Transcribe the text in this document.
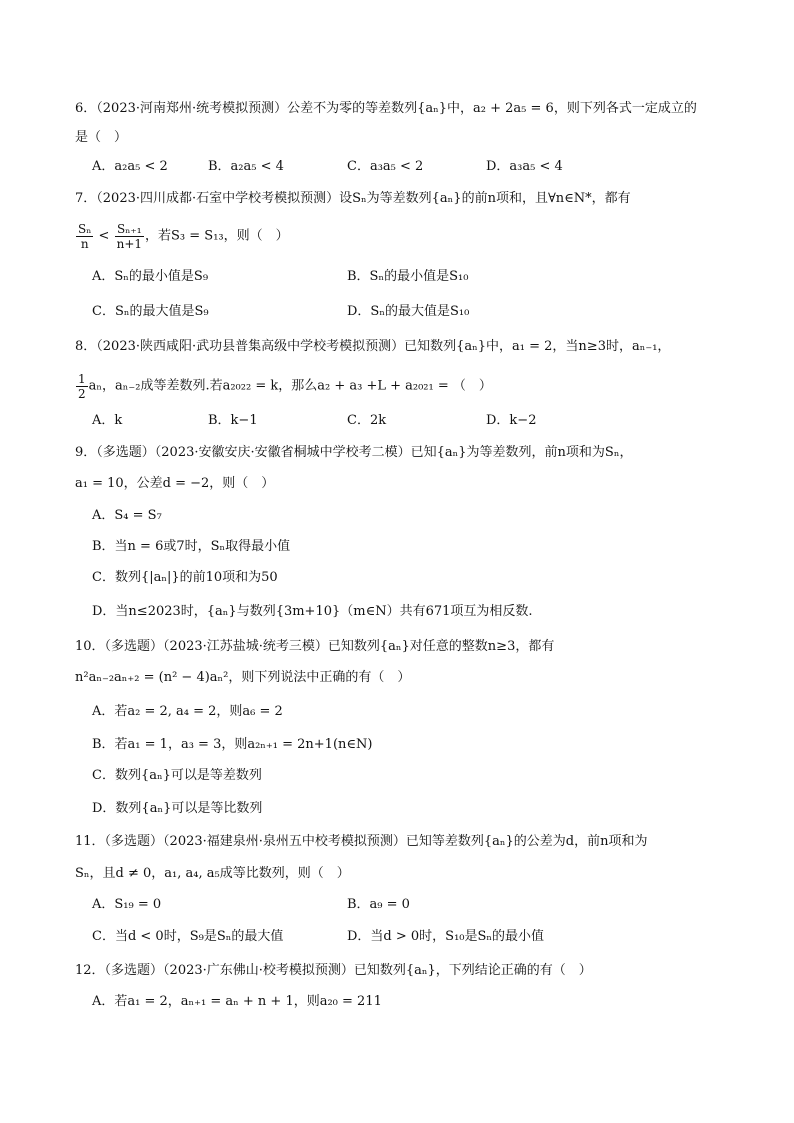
6．（2023·河南郑州·统考模拟预测）公差不为零的等差数列{aₙ}中，a₂ + 2a₅ = 6，则下列各式一定成立的
是（　）
A．a₂a₅ < 2	B．a₂a₅ < 4	C．a₃a₅ < 2	D．a₃a₅ < 4
7．（2023·四川成都·石室中学校考模拟预测）设Sₙ为等差数列{aₙ}的前n项和，且∀n∈N*，都有
$\frac{\text{Sₙ}}{n} < \frac{\text{Sₙ₊₁}}{n+1}$ ，若S₃ = S₁₃，则（　）
A．Sₙ的最小值是S₉	B．Sₙ的最小值是S₁₀
C．Sₙ的最大值是S₉	D．Sₙ的最大值是S₁₀
8．（2023·陕西咸阳·武功县普集高级中学校考模拟预测）已知数列{aₙ}中，a₁ = 2，当n≥3时，aₙ₋₁，
$\frac{1}{2}$ aₙ，aₙ₋₂成等差数列.若a₂₀₂₂ = k，那么a₂ + a₃ +L + a₂₀₂₁ = （　）
A．k	B．k−1	C．2k	D．k−2
9．（多选题）（2023·安徽安庆·安徽省桐城中学校考二模）已知{aₙ}为等差数列，前n项和为Sₙ，
a₁ = 10，公差d = −2，则（　）
A．S₄ = S₇
B．当n = 6或7时，Sₙ取得最小值
C．数列{|aₙ|}的前10项和为50
D．当n≤2023时，{aₙ}与数列{3m+10}（m∈N）共有671项互为相反数.
10．（多选题）（2023·江苏盐城·统考三模）已知数列{aₙ}对任意的整数n≥3，都有
n²aₙ₋₂aₙ₊₂ = (n² − 4)aₙ²，则下列说法中正确的有（　）
A．若a₂ = 2, a₄ = 2，则a₆ = 2
B．若a₁ = 1，a₃ = 3，则a₂ₙ₊₁ = 2n+1(n∈N)
C．数列{aₙ}可以是等差数列
D．数列{aₙ}可以是等比数列
11．（多选题）（2023·福建泉州·泉州五中校考模拟预测）已知等差数列{aₙ}的公差为d，前n项和为
Sₙ，且d ≠ 0，a₁, a₄, a₅成等比数列，则（　）
A．S₁₉ = 0	B．a₉ = 0
C．当d < 0时，S₉是Sₙ的最大值	D．当d > 0时，S₁₀是Sₙ的最小值
12．（多选题）（2023·广东佛山·校考模拟预测）已知数列{aₙ}，下列结论正确的有（　）
A．若a₁ = 2，aₙ₊₁ = aₙ + n + 1，则a₂₀ = 211
